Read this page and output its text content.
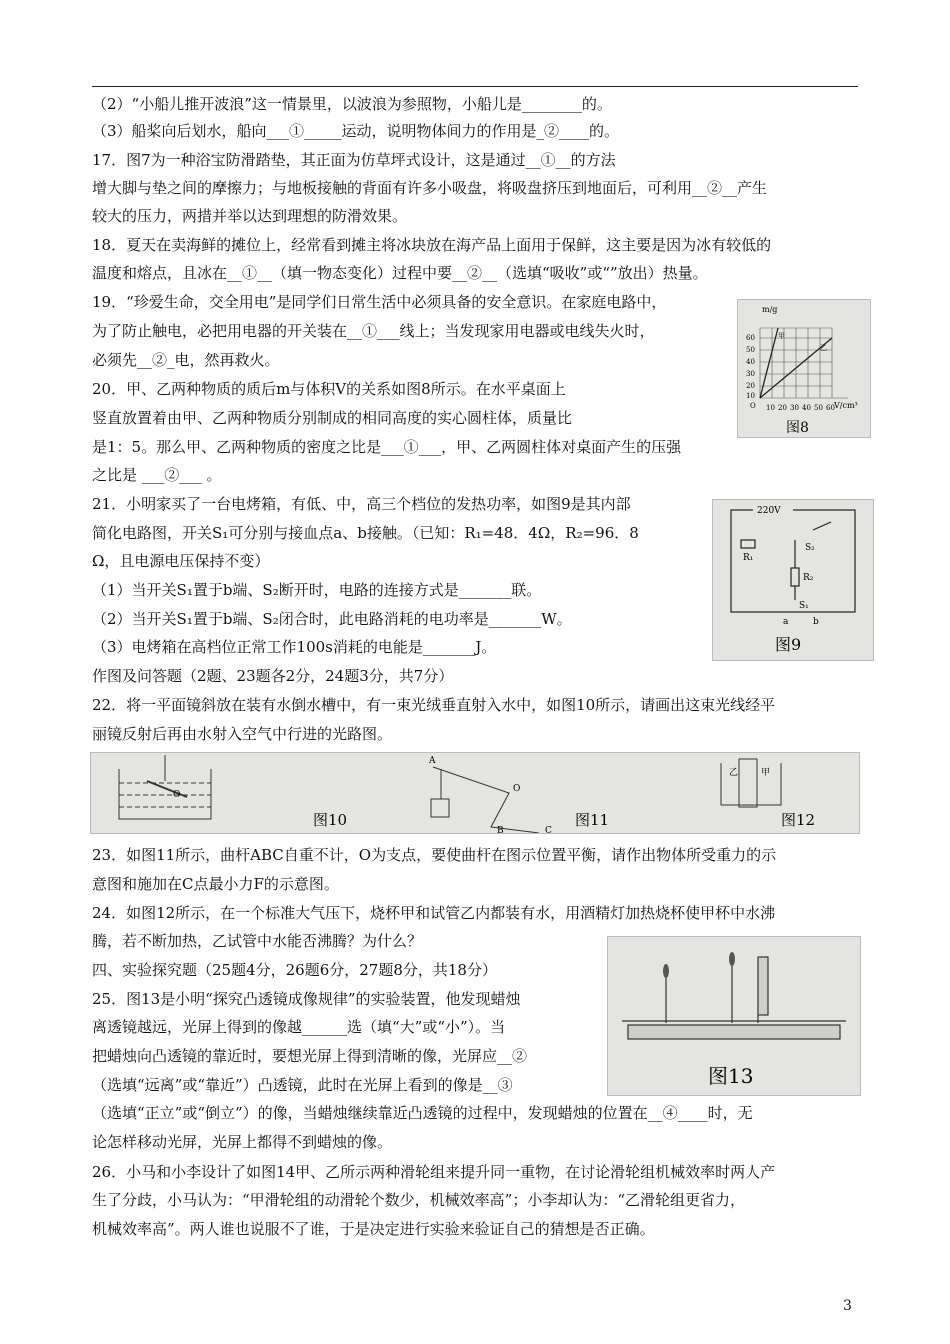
（2）“小船儿推开波浪”这一情景里，以波浪为参照物，小船儿是________的。
（3）船桨向后划水，船向___①_____运动，说明物体间力的作用是_②____的。
17．图7为一种浴宝防滑踏垫，其正面为仿草坪式设计，这是通过__①__的方法
增大脚与垫之间的摩擦力；与地板接触的背面有许多小吸盘，将吸盘挤压到地面后，可利用__②__产生
较大的压力，两措并举以达到理想的防滑效果。
18．夏天在卖海鲜的摊位上，经常看到摊主将冰块放在海产品上面用于保鲜，这主要是因为冰有较低的
温度和熔点，且冰在__①__（填一物态变化）过程中要__②__（选填“吸收”或“”放出）热量。
19．“珍爱生命，交全用电”是同学们日常生活中必须具备的安全意识。在家庭电路中，
为了防止触电，必把用电器的开关装在__①___线上；当发现家用电器或电线失火时，
必须先__②_电，然再救火。
20．甲、乙两种物质的质后m与体积V的关系如图8所示。在水平桌面上
竖直放置着由甲、乙两种物质分别制成的相同高度的实心圆柱体，质量比
是1：5。那么甲、乙两种物质的密度之比是___①___，甲、乙两圆柱体对桌面产生的压强
之比是 ___②___ 。
21．小明家买了一台电烤箱，有低、中，高三个档位的发热功率，如图9是其内部
简化电路图，开关S₁可分别与接血点a、b接触。（已知：R₁=48．4Ω，R₂=96．8
Ω，且电源电压保持不变）
（1）当开关S₁置于b端、S₂断开时，电路的连接方式是_______联。
（2）当开关S₁置于b端、S₂闭合时，此电路消耗的电功率是_______W。
（3）电烤箱在高档位正常工作100s消耗的电能是_______J。
作图及问答题（2题、23题各2分，24题3分，共7分）
22．将一平面镜斜放在装有水倒水槽中，有一束光绒垂直射入水中，如图10所示，请画出这束光线经平
丽镜反射后再由水射入空气中行进的光路图。
23．如图11所示，曲杆ABC自重不计，O为支点，要使曲杆在图示位置平衡，请作出物体所受重力的示
意图和施加在C点最小力F的示意图。
24．如图12所示，在一个标准大气压下，烧杯甲和试管乙内都装有水，用酒精灯加热烧杯使甲杯中水沸
腾，若不断加热，乙试管中水能否沸腾？为什么？
四、实验探究题（25题4分，26题6分，27题8分，共18分）
25．图13是小明“探究凸透镜成像规律”的实验装置，他发现蜡烛
离透镜越远，光屏上得到的像越______选（填“大”或“小”）。当
把蜡烛向凸透镜的靠近时，要想光屏上得到清晰的像，光屏应__②
（选填“远离”或“靠近”）凸透镜，此时在光屏上看到的像是__③
（选填“正立”或“倒立”）的像，当蜡烛继续靠近凸透镜的过程中，发现蜡烛的位置在__④____时，无
论怎样移动光屏，光屏上都得不到蜡烛的像。
26．小马和小李设计了如图14甲、乙所示两种滑轮组来提升同一重物，在讨论滑轮组机械效率时两人产
生了分歧，小马认为：“甲滑轮组的动滑轮个数少，机械效率高”；小李却认为：“乙滑轮组更省力，
机械效率高”。两人谁也说服不了谁，于是决定进行实验来验证自己的猜想是否正确。
m/g
V/cm³
60
50
40
30
20
10
O 10 20 30 40 50 60
甲
乙
图8
220V
R₁
S₂
R₂
S₁
a	b
图9
O
A
O
B	C
乙	甲
图10	图11	图12
图13
3
